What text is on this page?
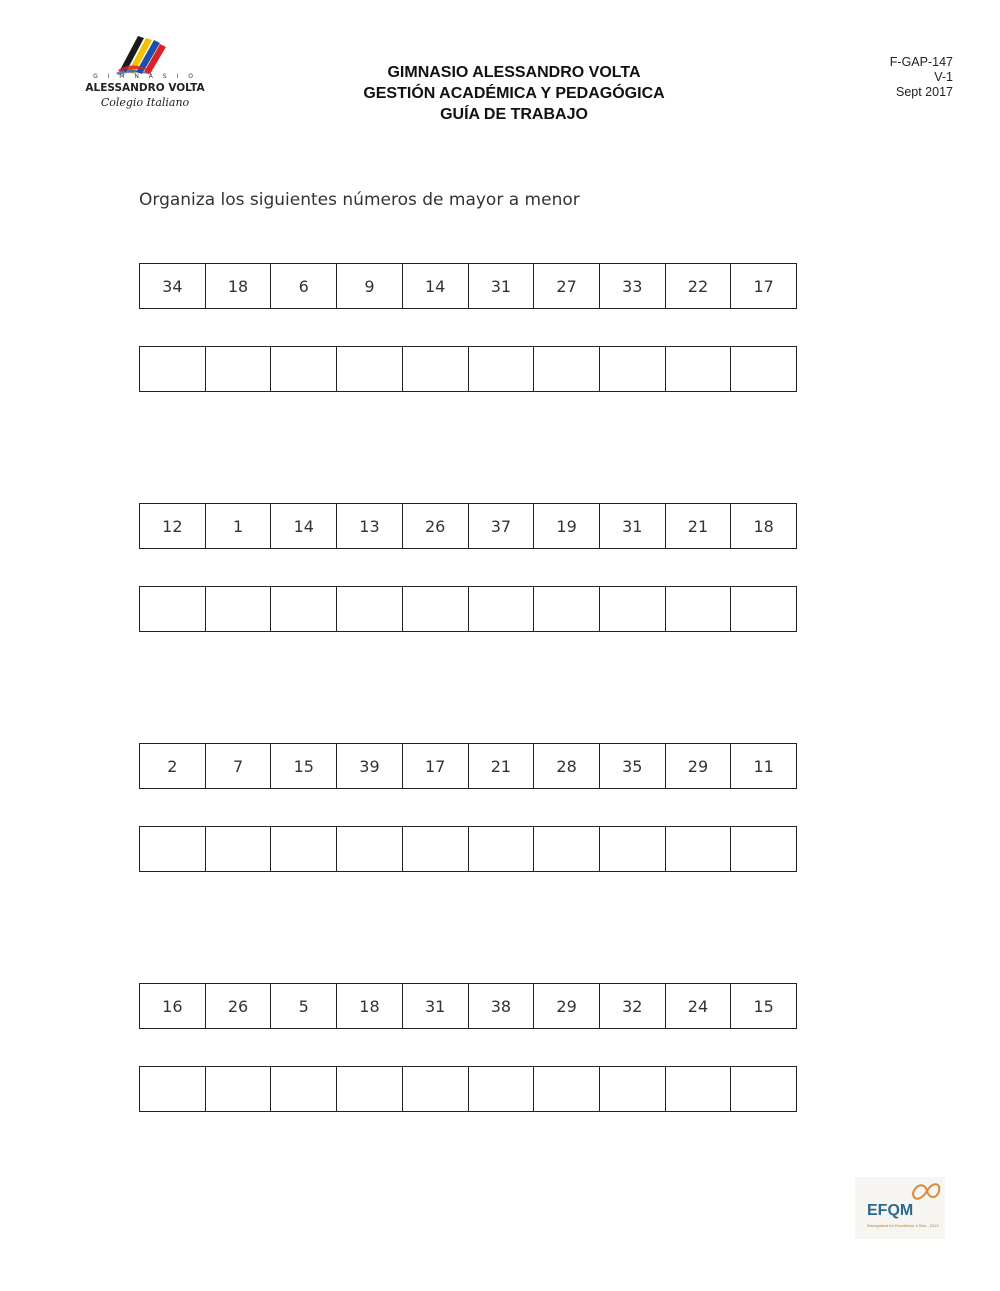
G I M N A S I O
ALESSANDRO VOLTA
Colegio Italiano
GIMNASIO ALESSANDRO VOLTA
GESTIÓN ACADÉMICA Y PEDAGÓGICA
GUÍA DE TRABAJO
F-GAP-147
V-1
Sept 2017
Organiza los siguientes números de mayor a menor
34	18	6	9	14	31	27	33	22	17
12	1	14	13	26	37	19	31	21	18
2	7	15	39	17	21	28	35	29	11
16	26	5	18	31	38	29	32	24	15
EFQM
Recognised for Excellence 4 Star - 2019
